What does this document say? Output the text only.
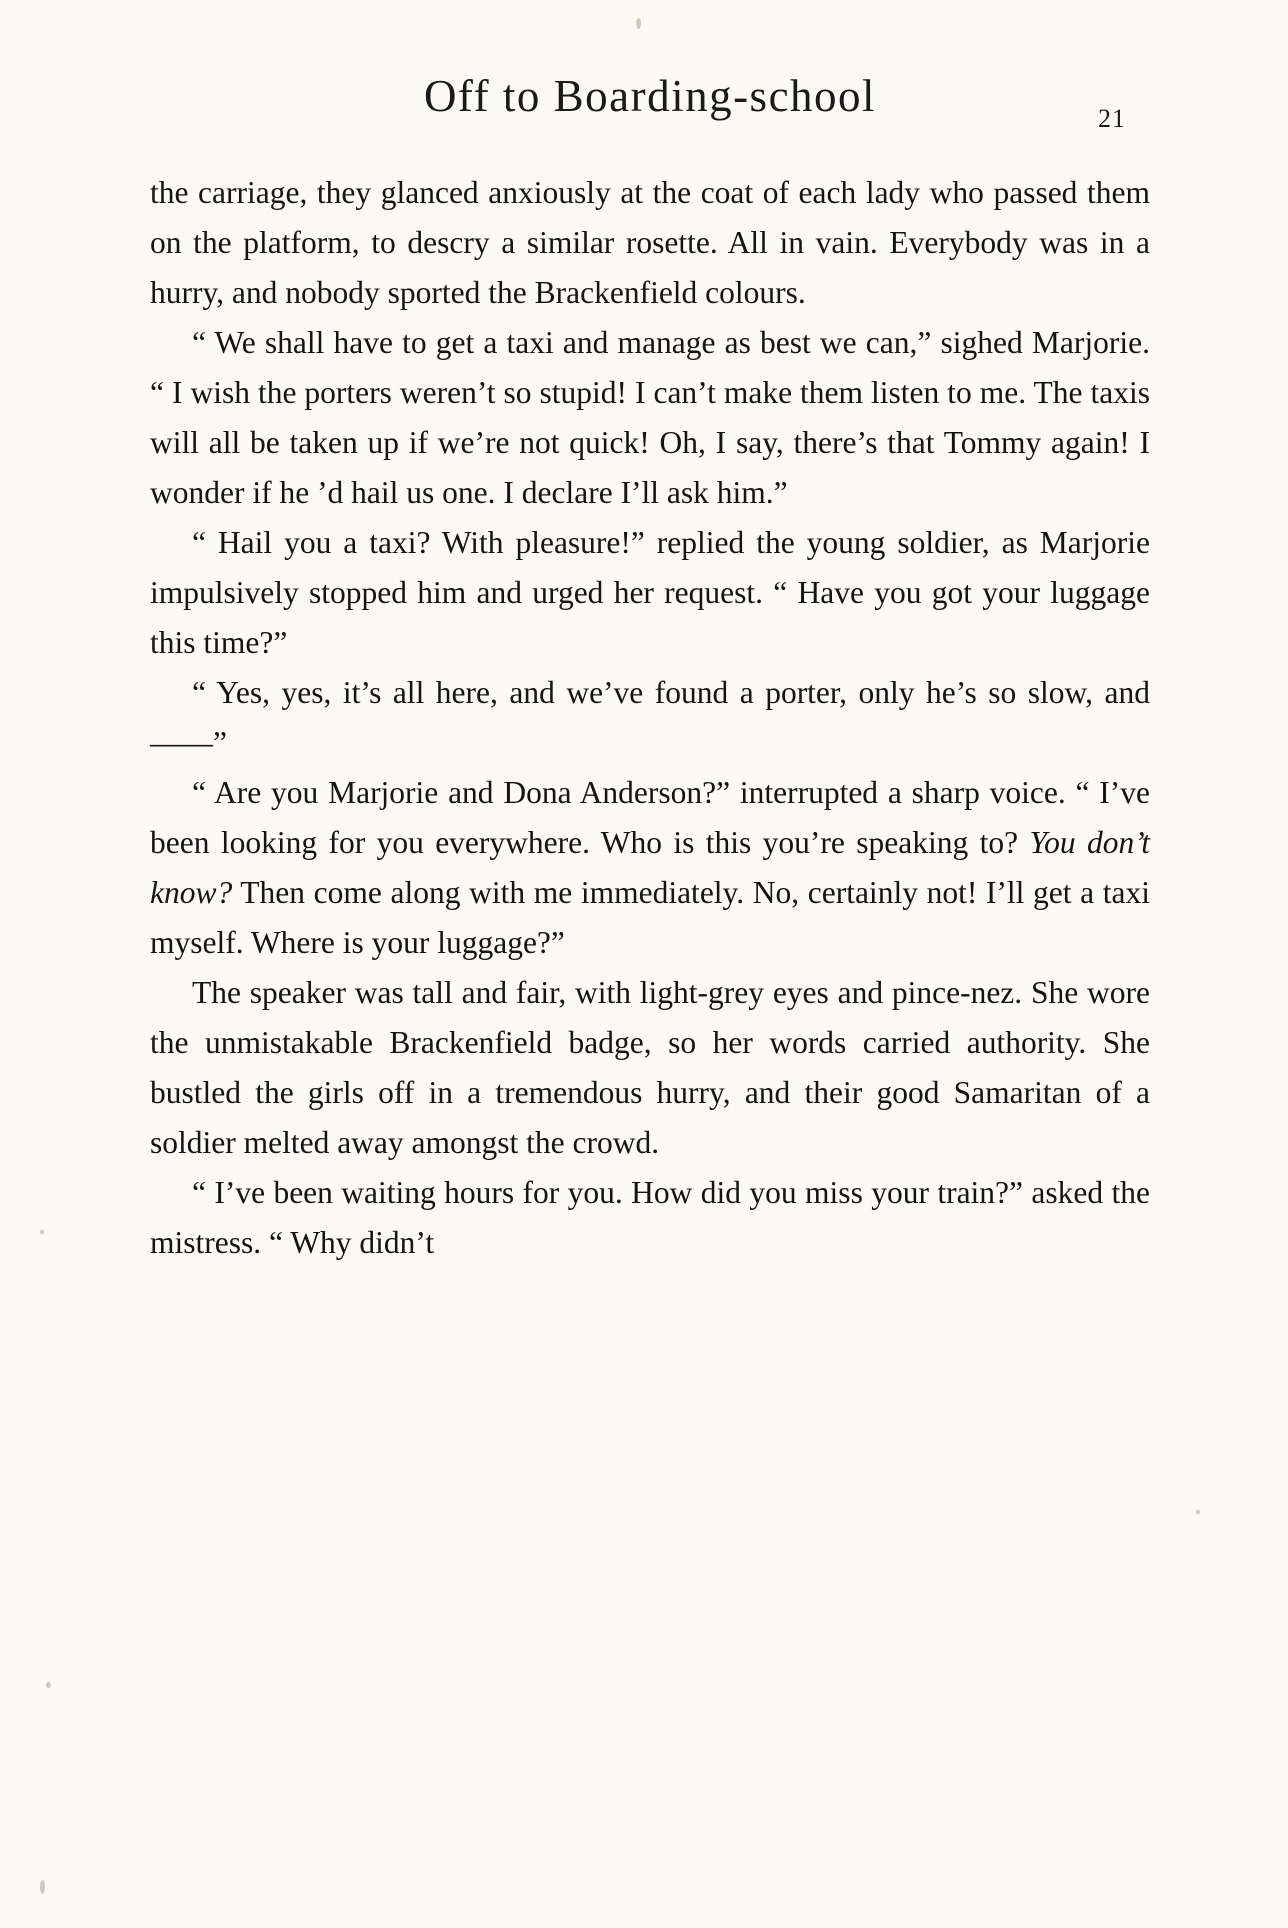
Off to Boarding-school	21

the carriage, they glanced anxiously at the coat of each lady who passed them on the platform, to descry a similar rosette. All in vain. Everybody was in a hurry, and nobody sported the Brackenfield colours.

“ We shall have to get a taxi and manage as best we can,” sighed Marjorie. “ I wish the porters weren’t so stupid! I can’t make them listen to me. The taxis will all be taken up if we’re not quick! Oh, I say, there’s that Tommy again! I wonder if he ’d hail us one. I declare I’ll ask him.”

“ Hail you a taxi? With pleasure!” replied the young soldier, as Marjorie impulsively stopped him and urged her request. “ Have you got your luggage this time?”

“ Yes, yes, it’s all here, and we’ve found a porter, only he’s so slow, and——”

“ Are you Marjorie and Dona Anderson?” interrupted a sharp voice. “ I’ve been looking for you everywhere. Who is this you’re speaking to? You don’t know? Then come along with me immediately. No, certainly not! I’ll get a taxi myself. Where is your luggage?”

The speaker was tall and fair, with light-grey eyes and pince-nez. She wore the unmistakable Brackenfield badge, so her words carried authority. She bustled the girls off in a tremendous hurry, and their good Samaritan of a soldier melted away amongst the crowd.

“ I’ve been waiting hours for you. How did you miss your train?” asked the mistress. “ Why didn’t
